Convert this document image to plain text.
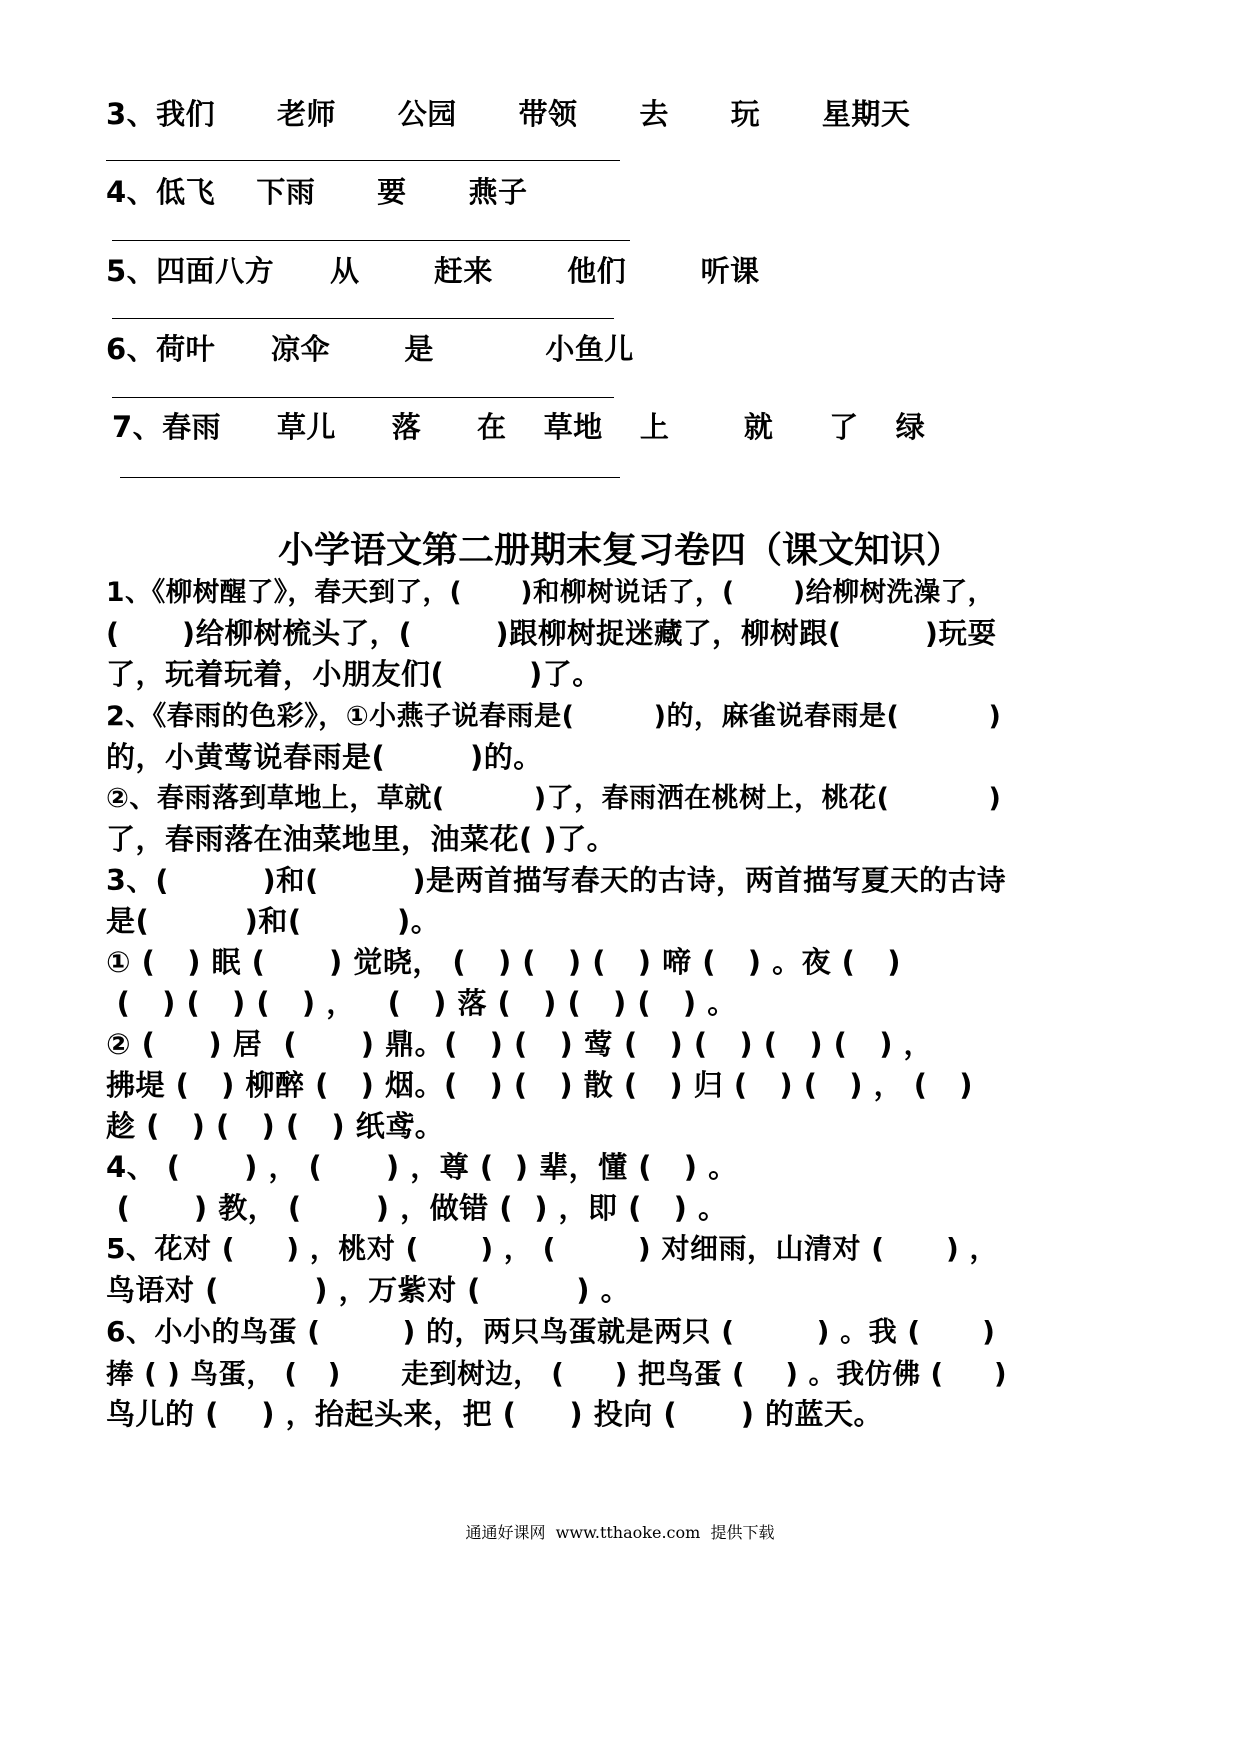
3、我们   老师   公园   带领   去   玩   星期天
4、低飞  下雨   要   燕子
5、四面八方   从    赶来    他们    听课
6、荷叶   凉伞    是      小鱼儿
7、春雨   草儿   落   在  草地  上    就   了  绿
小学语文第二册期末复习卷四（课文知识）
1、《柳树醒了》，春天到了，(      )和柳树说话了，(      )给柳树洗澡了，
(      )给柳树梳头了，(        )跟柳树捉迷藏了，柳树跟(        )玩耍
了，玩着玩着，小朋友们(        )了。
2、《春雨的色彩》，①小燕子说春雨是(        )的，麻雀说春雨是(         )
的，小黄莺说春雨是(        )的。
②、春雨落到草地上，草就(         )了，春雨洒在桃树上，桃花(          )
了，春雨落在油菜地里，油菜花( )了。
3、(         )和(         )是两首描写春天的古诗，两首描写夏天的古诗
是(         )和(         )。
① (   ) 眠 (      ) 觉晓， (   ) (   ) (   ) 啼 (   ) 。夜 (   )
(   ) (   ) (   ) ，   (   ) 落 (   ) (   ) (   ) 。
② (     ) 居  (      ) 鼎。(   ) (   ) 莺 (   ) (   ) (   ) (   ) ，
拂堤 (   ) 柳醉 (   ) 烟。(   ) (   ) 散 (   ) 归 (   ) (   ) ， (   )
趁 (   ) (   ) (   ) 纸鸢。
4、 (      ) ， (      ) ，尊 (  ) 辈，懂 (   ) 。
(      ) 教， (       ) ，做错 (  ) ，即 (   ) 。
5、花对 (     ) ，桃对 (      ) ， (        ) 对细雨，山清对 (      ) ，
鸟语对 (         ) ，万紫对 (         ) 。
6、小小的鸟蛋 (        ) 的，两只鸟蛋就是两只 (        ) 。我 (      )
捧 ( ) 鸟蛋， (   )      走到树边， (     ) 把鸟蛋 (    ) 。我仿佛 (     )
鸟儿的 (    ) ，抬起头来，把 (     ) 投向 (      ) 的蓝天。
通通好课网  www.tthaoke.com  提供下载
